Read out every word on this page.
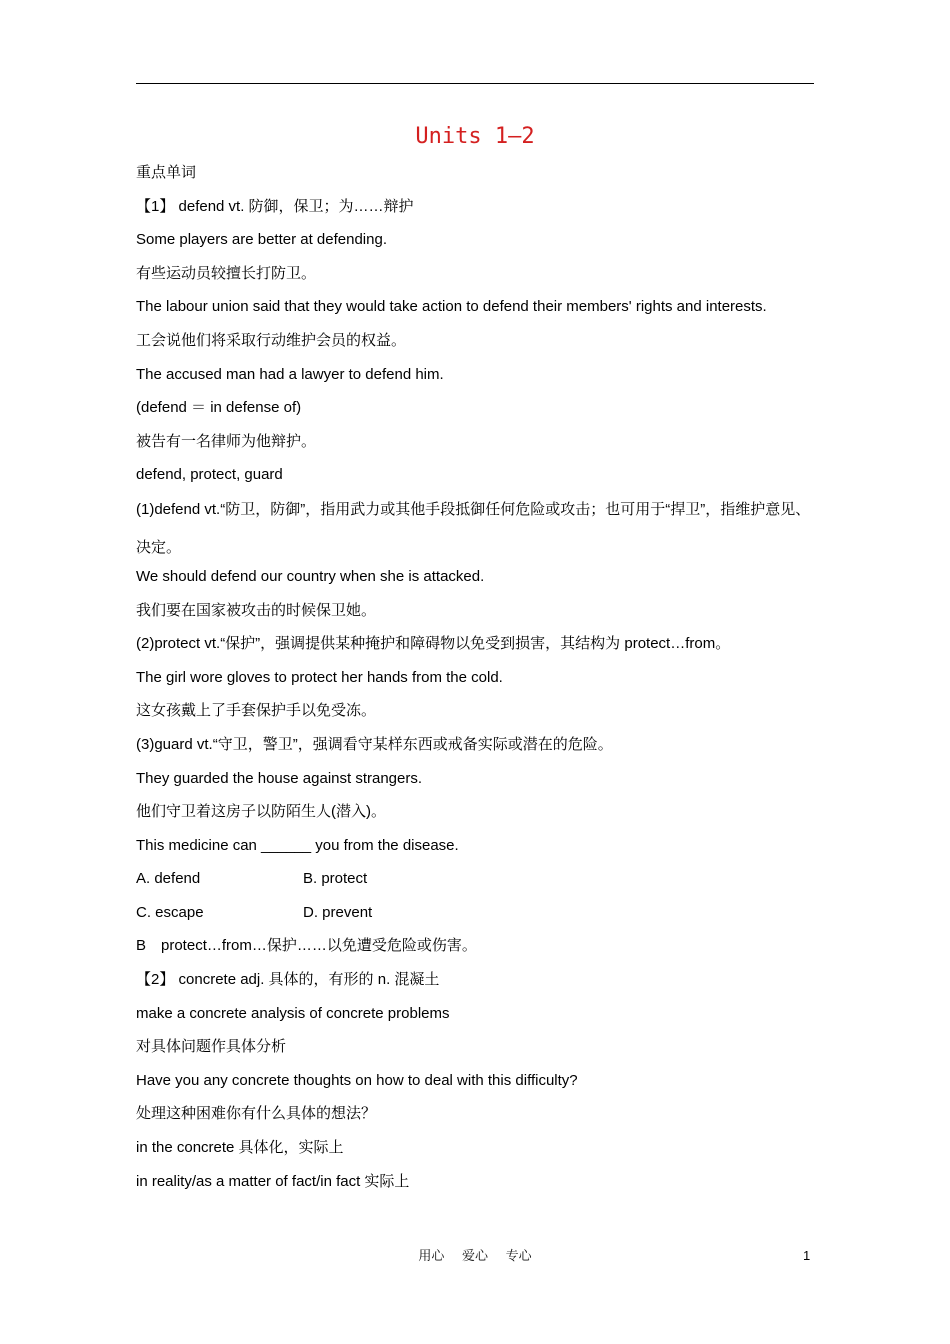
Units 1—2
重点单词
【1】 defend vt. 防御，保卫；为……辩护
Some players are better at defending.
有些运动员较擅长打防卫。
The labour union said that they would take action to defend their members' rights and interests.
工会说他们将采取行动维护会员的权益。
The accused man had a lawyer to defend him.
(defend ＝ in defense of)
被告有一名律师为他辩护。
defend, protect, guard
(1)defend vt.“防卫，防御”，指用武力或其他手段抵御任何危险或攻击；也可用于“捍卫”，指维护意见、决定。
We should defend our country when she is attacked.
我们要在国家被攻击的时候保卫她。
(2)protect vt.“保护”，强调提供某种掩护和障碍物以免受到损害，其结构为 protect…from。
The girl wore gloves to protect her hands from the cold.
这女孩戴上了手套保护手以免受冻。
(3)guard vt.“守卫，警卫”，强调看守某样东西或戒备实际或潜在的危险。
They guarded the house against strangers.
他们守卫着这房子以防陌生人(潜入)。
This medicine can ______ you from the disease.
A. defend	B. protect
C. escape	D. prevent
B　protect…from…保护……以免遭受危险或伤害。
【2】 concrete adj. 具体的，有形的 n. 混凝土
make a concrete analysis of concrete problems
对具体问题作具体分析
Have you any concrete thoughts on how to deal with this difficulty?
处理这种困难你有什么具体的想法？
in the concrete 具体化，实际上
in reality/as a matter of fact/in fact 实际上
用心 爱心 专心	1
